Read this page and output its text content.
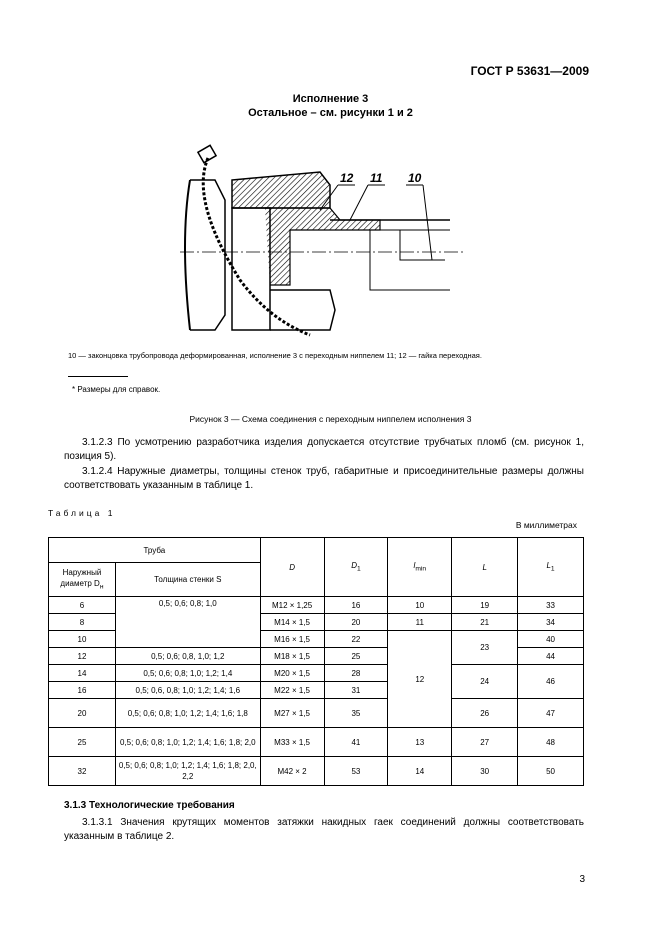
ГОСТ Р 53631—2009
Исполнение 3
Остальное – см. рисунки 1 и 2
12 11 10
10 — законцовка трубопровода деформированная, исполнение 3 с переходным ниппелем 11; 12 — гайка переходная.
* Размеры для справок.
Рисунок 3 — Схема соединения с переходным ниппелем исполнения 3
3.1.2.3 По усмотрению разработчика изделия допускается отсутствие трубчатых пломб (см. рисунок 1, позиция 5).
3.1.2.4 Наружные диаметры, толщины стенок труб, габаритные и присоединительные размеры должны соответствовать указанным в таблице 1.
Таблица 1
В миллиметрах
Труба		D	$D_1$	$l_{min}$	L	$L_1$
Наружный диаметр $D_н$	Толщина стенки S					
6	0,5; 0,6; 0,8; 1,0	M12 × 1,25	16	10	19	33
8		M14 × 1,5	20	11	21	34
10		M16 × 1,5	22	12	23	40
12	0,5; 0,6; 0,8, 1,0; 1,2	M18 × 1,5	25			44
14	0,5; 0,6; 0,8; 1,0; 1,2; 1,4	M20 × 1,5	28		24	46
16	0,5; 0,6, 0,8; 1,0; 1,2; 1,4; 1,6	M22 × 1,5	31			
20	0,5; 0,6; 0,8; 1,0; 1,2; 1,4; 1,6; 1,8	M27 × 1,5	35		26	47
25	0,5; 0,6; 0,8; 1,0; 1,2; 1,4; 1,6; 1,8; 2,0	M33 × 1,5	41	13	27	48
32	0,5; 0,6; 0,8; 1,0; 1,2; 1,4; 1,6; 1,8; 2,0, 2,2	M42 × 2	53	14	30	50
3.1.3 Технологические требования
3.1.3.1 Значения крутящих моментов затяжки накидных гаек соединений должны соответствовать указанным в таблице 2.
3
